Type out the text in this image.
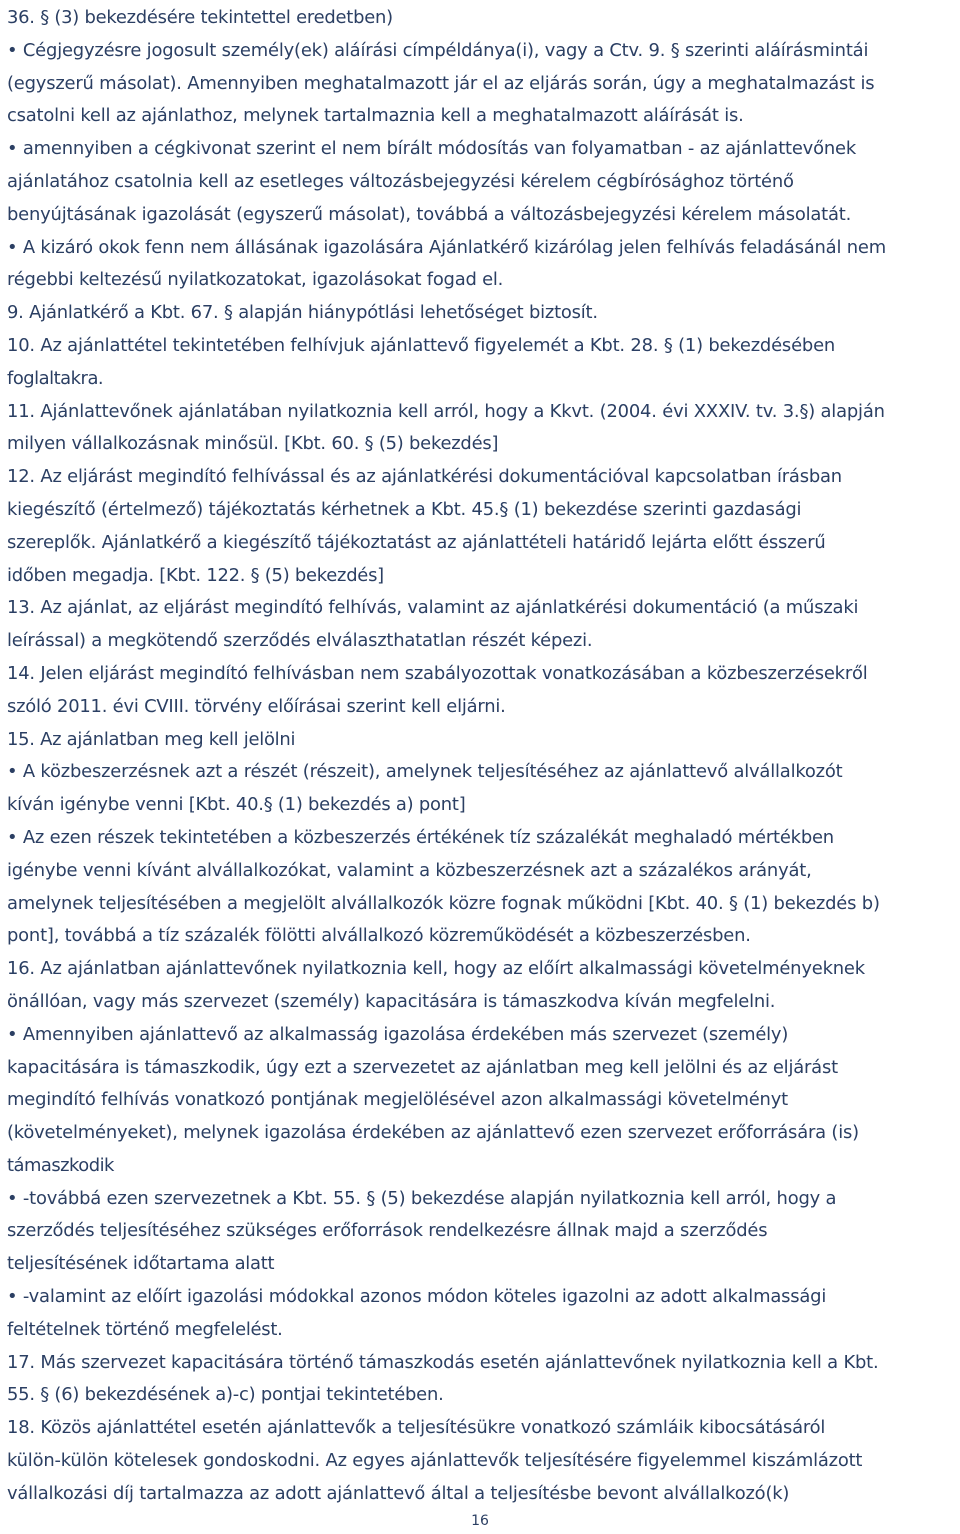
36. § (3) bekezdésére tekintettel eredetben)
• Cégjegyzésre jogosult személy(ek) aláírási címpéldánya(i), vagy a Ctv. 9. § szerinti aláírásmintái
(egyszerű másolat). Amennyiben meghatalmazott jár el az eljárás során, úgy a meghatalmazást is
csatolni kell az ajánlathoz, melynek tartalmaznia kell a meghatalmazott aláírását is.
• amennyiben a cégkivonat szerint el nem bírált módosítás van folyamatban - az ajánlattevőnek
ajánlatához csatolnia kell az esetleges változásbejegyzési kérelem cégbírósághoz történő
benyújtásának igazolását (egyszerű másolat), továbbá a változásbejegyzési kérelem másolatát.
• A kizáró okok fenn nem állásának igazolására Ajánlatkérő kizárólag jelen felhívás feladásánál nem
régebbi keltezésű nyilatkozatokat, igazolásokat fogad el.
9. Ajánlatkérő a Kbt. 67. § alapján hiánypótlási lehetőséget biztosít.
10. Az ajánlattétel tekintetében felhívjuk ajánlattevő figyelemét a Kbt. 28. § (1) bekezdésében
foglaltakra.
11. Ajánlattevőnek ajánlatában nyilatkoznia kell arról, hogy a Kkvt. (2004. évi XXXIV. tv. 3.§) alapján
milyen vállalkozásnak minősül. [Kbt. 60. § (5) bekezdés]
12. Az eljárást megindító felhívással és az ajánlatkérési dokumentációval kapcsolatban írásban
kiegészítő (értelmező) tájékoztatás kérhetnek a Kbt. 45.§ (1) bekezdése szerinti gazdasági
szereplők. Ajánlatkérő a kiegészítő tájékoztatást az ajánlattételi határidő lejárta előtt ésszerű
időben megadja. [Kbt. 122. § (5) bekezdés]
13. Az ajánlat, az eljárást megindító felhívás, valamint az ajánlatkérési dokumentáció (a műszaki
leírással) a megkötendő szerződés elválaszthatatlan részét képezi.
14. Jelen eljárást megindító felhívásban nem szabályozottak vonatkozásában a közbeszerzésekről
szóló 2011. évi CVIII. törvény előírásai szerint kell eljárni.
15. Az ajánlatban meg kell jelölni
• A közbeszerzésnek azt a részét (részeit), amelynek teljesítéséhez az ajánlattevő alvállalkozót
kíván igénybe venni [Kbt. 40.§ (1) bekezdés a) pont]
• Az ezen részek tekintetében a közbeszerzés értékének tíz százalékát meghaladó mértékben
igénybe venni kívánt alvállalkozókat, valamint a közbeszerzésnek azt a százalékos arányát,
amelynek teljesítésében a megjelölt alvállalkozók közre fognak működni [Kbt. 40. § (1) bekezdés b)
pont], továbbá a tíz százalék fölötti alvállalkozó közreműködését a közbeszerzésben.
16. Az ajánlatban ajánlattevőnek nyilatkoznia kell, hogy az előírt alkalmassági követelményeknek
önállóan, vagy más szervezet (személy) kapacitására is támaszkodva kíván megfelelni.
• Amennyiben ajánlattevő az alkalmasság igazolása érdekében más szervezet (személy)
kapacitására is támaszkodik, úgy ezt a szervezetet az ajánlatban meg kell jelölni és az eljárást
megindító felhívás vonatkozó pontjának megjelölésével azon alkalmassági követelményt
(követelményeket), melynek igazolása érdekében az ajánlattevő ezen szervezet erőforrására (is)
támaszkodik
• -továbbá ezen szervezetnek a Kbt. 55. § (5) bekezdése alapján nyilatkoznia kell arról, hogy a
szerződés teljesítéséhez szükséges erőforrások rendelkezésre állnak majd a szerződés
teljesítésének időtartama alatt
• -valamint az előírt igazolási módokkal azonos módon köteles igazolni az adott alkalmassági
feltételnek történő megfelelést.
17. Más szervezet kapacitására történő támaszkodás esetén ajánlattevőnek nyilatkoznia kell a Kbt.
55. § (6) bekezdésének a)-c) pontjai tekintetében.
18. Közös ajánlattétel esetén ajánlattevők a teljesítésükre vonatkozó számláik kibocsátásáról
külön-külön kötelesek gondoskodni. Az egyes ajánlattevők teljesítésére figyelemmel kiszámlázott
vállalkozási díj tartalmazza az adott ajánlattevő által a teljesítésbe bevont alvállalkozó(k)
16
